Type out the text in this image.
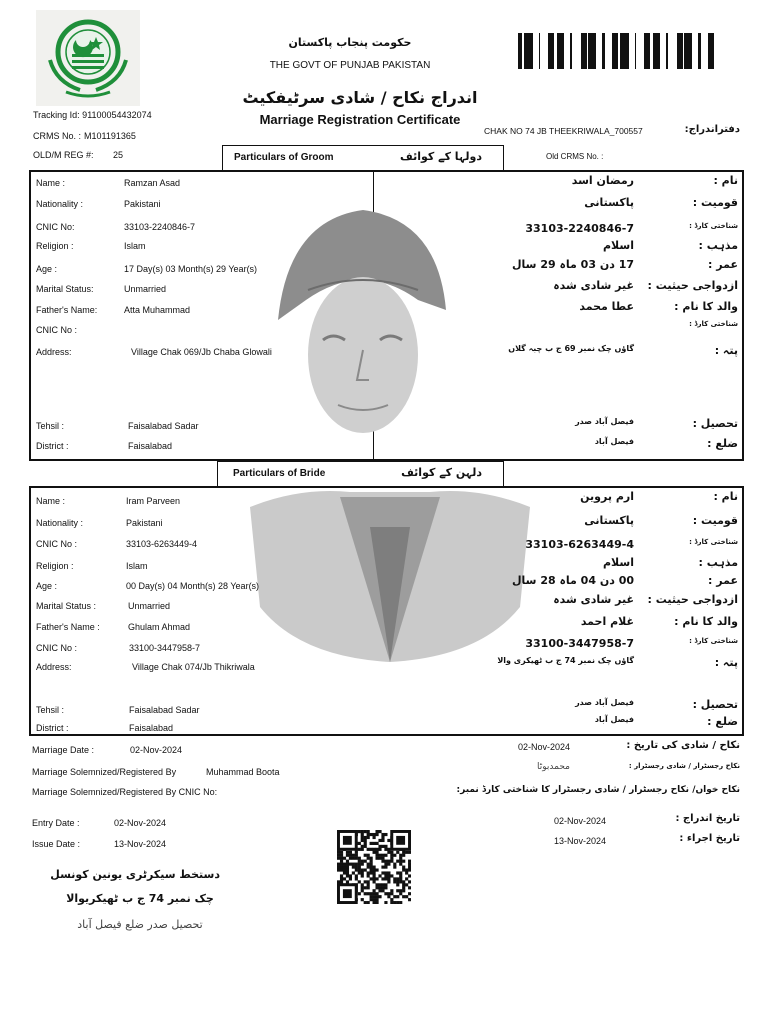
حکومت پنجاب پاکستان
THE GOVT OF PUNJAB PAKISTAN
اندراج نکاح / شادی سرٹیفکیٹ
Marriage Registration Certificate
Tracking Id: 91100054432074
CRMS No. : M101191365
OLD/M REG #: 25
CHAK NO 74 JB THEEKRIWALA_700557	دفتراندراج:
Old CRMS No. :
Particulars of Groom	دولہا کے کوائف
Name :	Ramzan Asad
Nationality :	Pakistani
CNIC No:	33103-2240846-7
Religion :	Islam
Age :	17 Day(s) 03 Month(s) 29 Year(s)
Marital Status:	Unmarried
Father's Name:	Atta Muhammad
CNIC No :
Address:	Village Chak 069/Jb Chaba Glowali
Tehsil :	Faisalabad Sadar
District :	Faisalabad
نام :
رمضان اسد
قومیت :
پاکستانی
شناختی کارڈ :
33103-2240846-7
مذہب :
اسلام
عمر :
17 دن 03 ماہ 29 سال
ازدواجی حیثیت :
غیر شادی شدہ
والد کا نام :
عطا محمد
شناختی کارڈ :
پتہ :
گاؤں چک نمبر 69 ج ب چبہ گلاں
تحصیل :
فیصل آباد صدر
ضلع :
فیصل آباد
Particulars of Bride	دلہن کے کوائف
Name :	Iram Parveen
Nationality :	Pakistani
CNIC No :	33103-6263449-4
Religion :	Islam
Age :	00 Day(s) 04 Month(s) 28 Year(s)
Marital Status :	Unmarried
Father's Name :	Ghulam Ahmad
CNIC No :	33100-3447958-7
Address:	Village Chak 074/Jb Thikriwala
Tehsil :	Faisalabad Sadar
District :	Faisalabad
نام :
ارم پروین
قومیت :
پاکستانی
شناختی کارڈ :
33103-6263449-4
مذہب :
اسلام
عمر :
00 دن 04 ماہ 28 سال
ازدواجی حیثیت :
غیر شادی شدہ
والد کا نام :
غلام احمد
شناختی کارڈ :
33100-3447958-7
پتہ :
گاؤں چک نمبر 74 ج ب ٹھیکری والا
تحصیل :
فیصل آباد صدر
ضلع :
فیصل آباد
Marriage Date :	02-Nov-2024	02-Nov-2024	نکاح / شادی کی تاریخ :
Marriage Solemnized/Registered By	Muhammad Boota	محمدبوٹا	نکاح رجسٹرار / شادی رجسٹرار :
Marriage Solemnized/Registered By CNIC No:	نکاح خواں/ نکاح رجسٹرار / شادی رجسٹرار کا شناختی کارڈ نمبر:
Entry Date :	02-Nov-2024	02-Nov-2024	تاریخ اندراج :
Issue Date :	13-Nov-2024	13-Nov-2024	تاریخ اجراء :
دستخط سیکرٹری یونین کونسل
چک نمبر 74 ج ب ٹھیکریوالا
تحصیل صدر ضلع فیصل آباد
